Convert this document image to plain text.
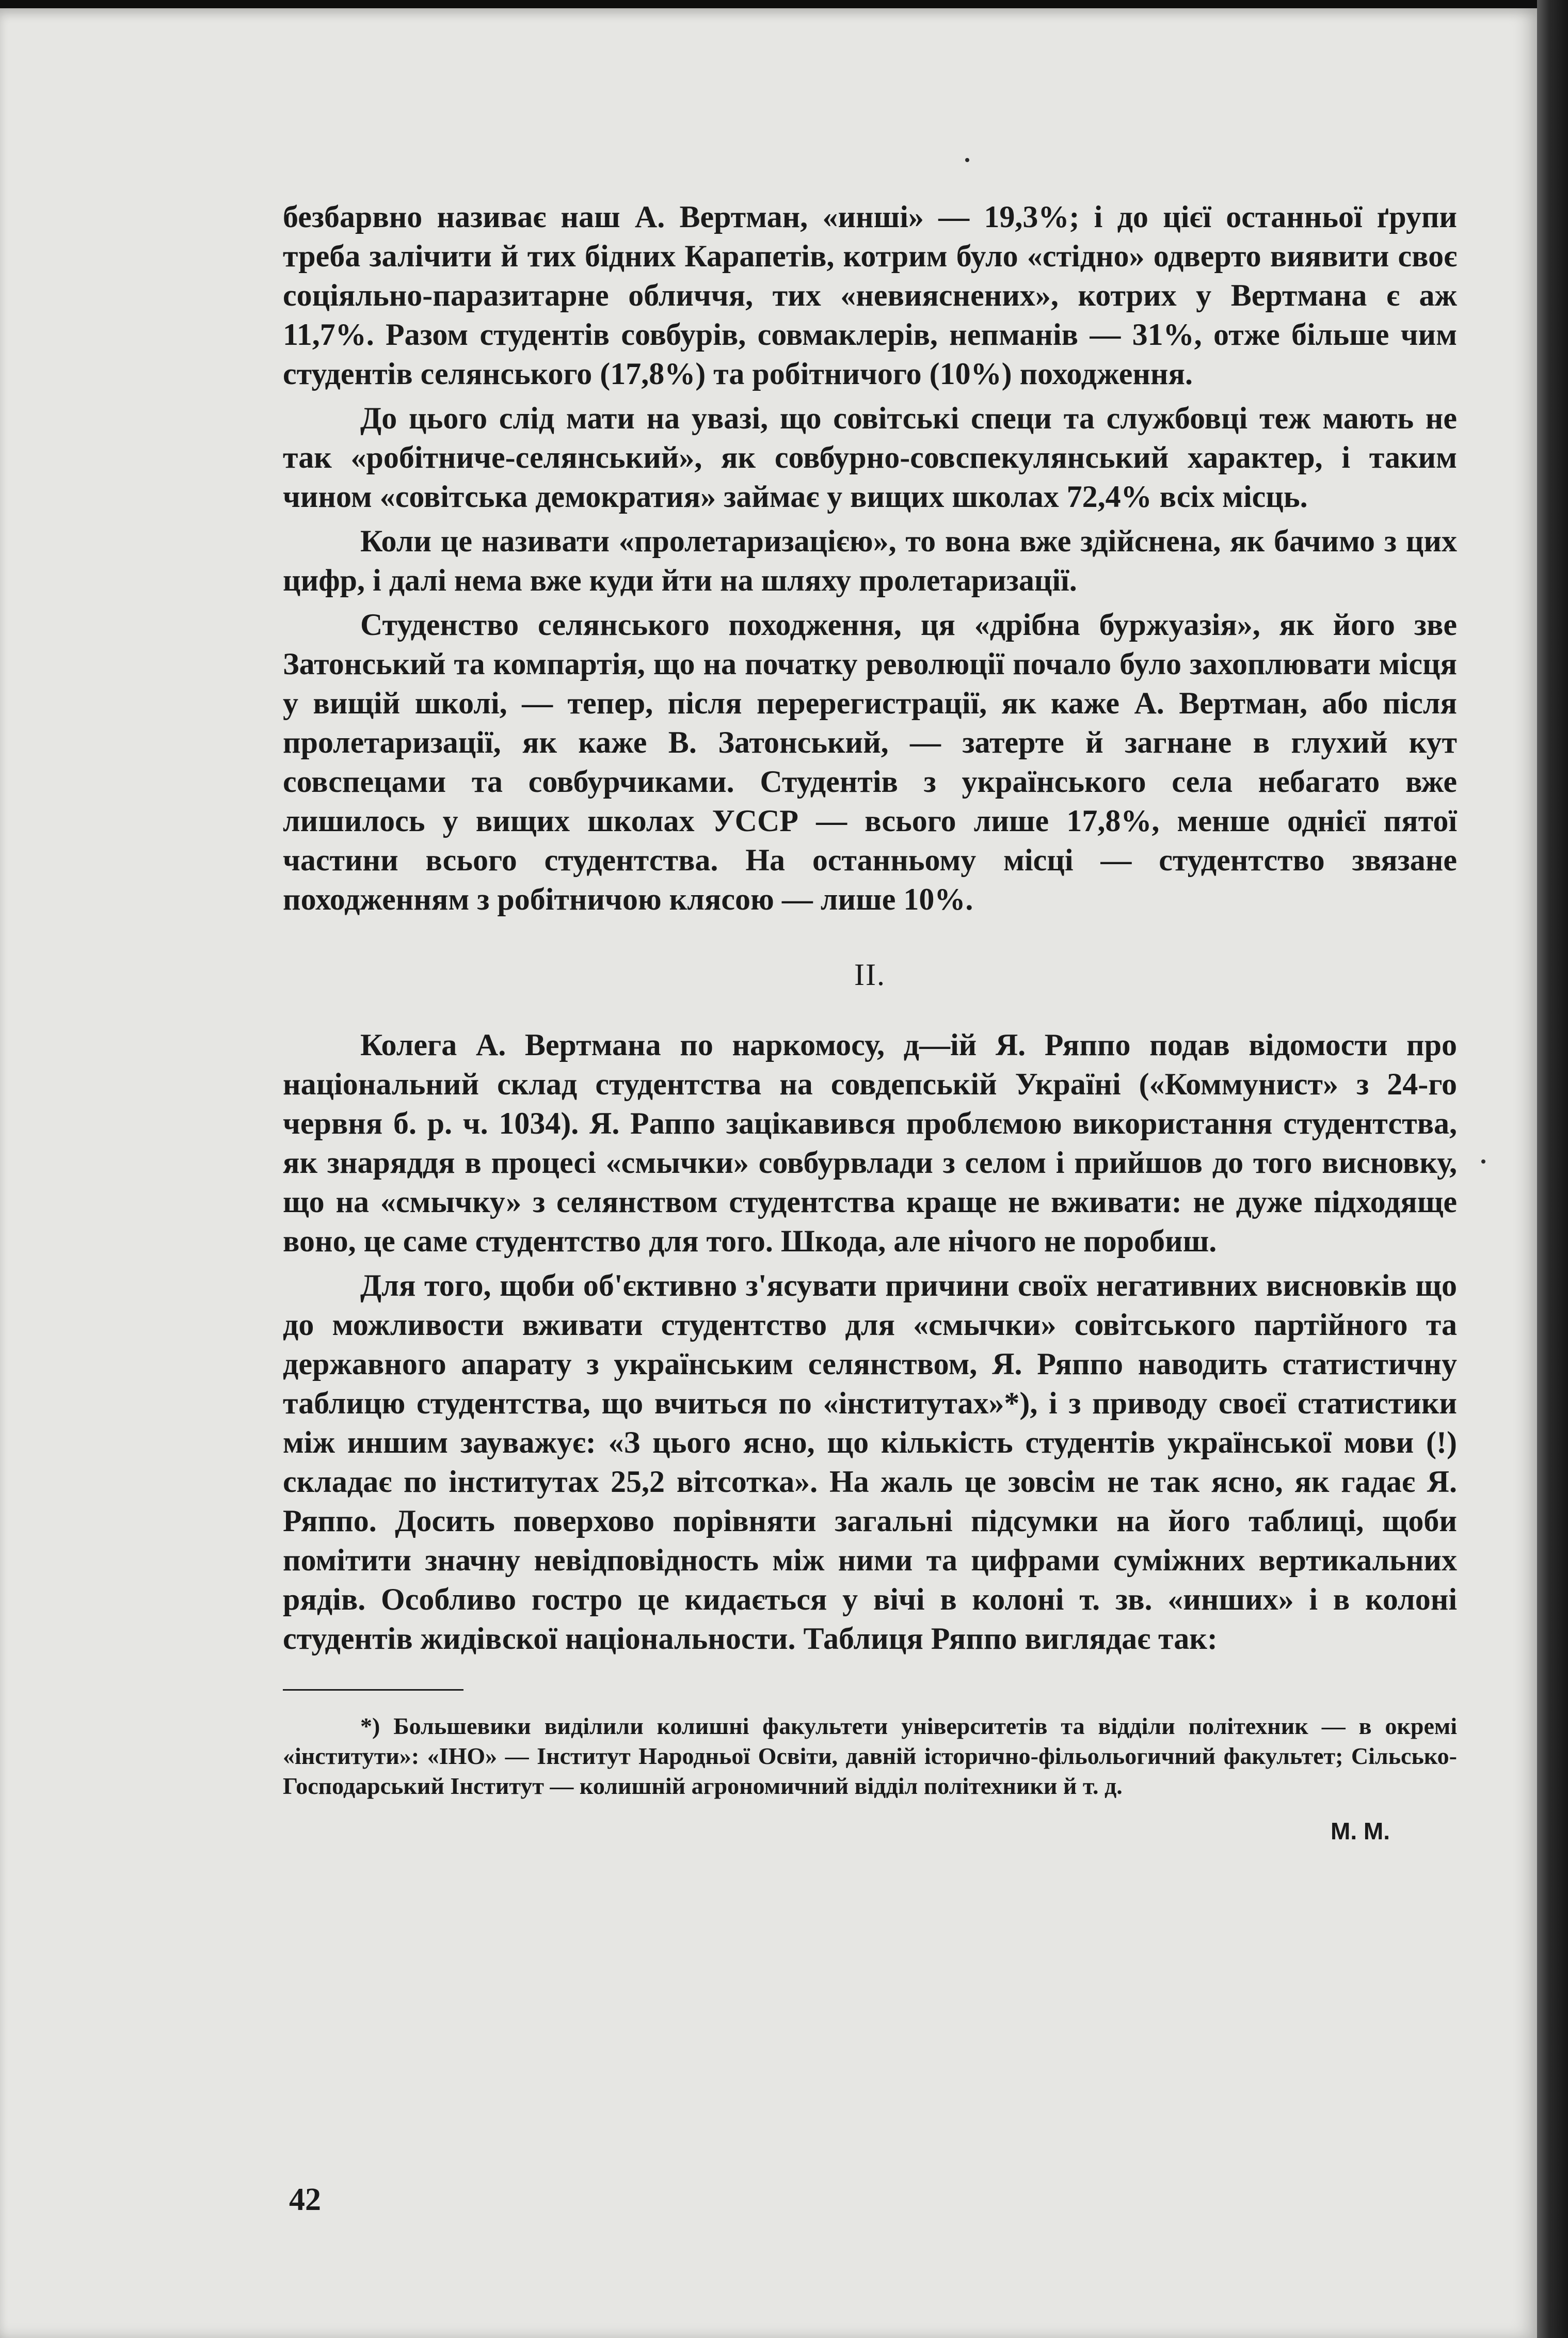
безбарвно називає наш А. Вертман, «инші» — 19,3%; і до цієї останньої ґрупи треба залічити й тих бідних Карапетів, котрим було «стідно» одверто виявити своє соціяльно-паразитарне обличчя, тих «невияснених», котрих у Вертмана є аж 11,7%. Разом студентів совбурів, совмаклерів, непманів — 31%, отже більше чим студентів селянського (17,8%) та робітничого (10%) походження.

До цього слід мати на увазі, що совітські специ та службовці теж мають не так «робітниче-селянський», як совбурно-совспекулянський характер, і таким чином «совітська демократия» займає у вищих школах 72,4% всіх місць.

Коли це називати «пролетаризацією», то вона вже здійснена, як бачимо з цих цифр, і далі нема вже куди йти на шляху пролетаризації.

Студенство селянського походження, ця «дрібна буржуазія», як його зве Затонський та компартія, що на початку революції почало було захоплювати місця у вищій школі, — тепер, після перерегистрації, як каже А. Вертман, або після пролетаризації, як каже В. Затонський, — затерте й загнане в глухий кут совспецами та совбурчиками. Студентів з українського села небагато вже лишилось у вищих школах УССР — всього лише 17,8%, менше однієї пятої частини всього студентства. На останньому місці — студентство звязане походженням з робітничою клясою — лише 10%.

II.

Колега А. Вертмана по наркомосу, д—ій Я. Ряппо подав відомости про національний склад студентства на совдепській Україні («Коммунист» з 24-го червня б. р. ч. 1034). Я. Раппо зацікавився проблємою використання студентства, як знаряддя в процесі «смычки» совбурвлади з селом і прийшов до того висновку, що на «смычку» з селянством студентства краще не вживати: не дуже підходяще воно, це саме студентство для того. Шкода, але нічого не поробиш.

Для того, щоби об'єктивно з'ясувати причини своїх негативних висновків що до можливости вживати студентство для «смычки» совітського партійного та державного апарату з українським селянством, Я. Ряппо наводить статистичну таблицю студентства, що вчиться по «інститутах»*), і з приводу своєї статистики між иншим зауважує: «З цього ясно, що кількість студентів української мови (!) складає по інститутах 25,2 вітсотка». На жаль це зовсім не так ясно, як гадає Я. Ряппо. Досить поверхово порівняти загальні підсумки на його таблиці, щоби помітити значну невідповідность між ними та цифрами суміжних вертикальних рядів. Особливо гостро це кидається у вічі в колоні т. зв. «инших» і в колоні студентів жидівскої національности. Таблиця Ряппо виглядає так:

*) Большевики виділили колишні факультети університетів та відділи політехник — в окремі «інститути»: «ІНО» — Інститут Народньої Освіти, давній історично-фільольогичний факультет; Сільсько-Господарський Інститут — колишній агрономичний відділ політехники й т. д.

М. М.
42
